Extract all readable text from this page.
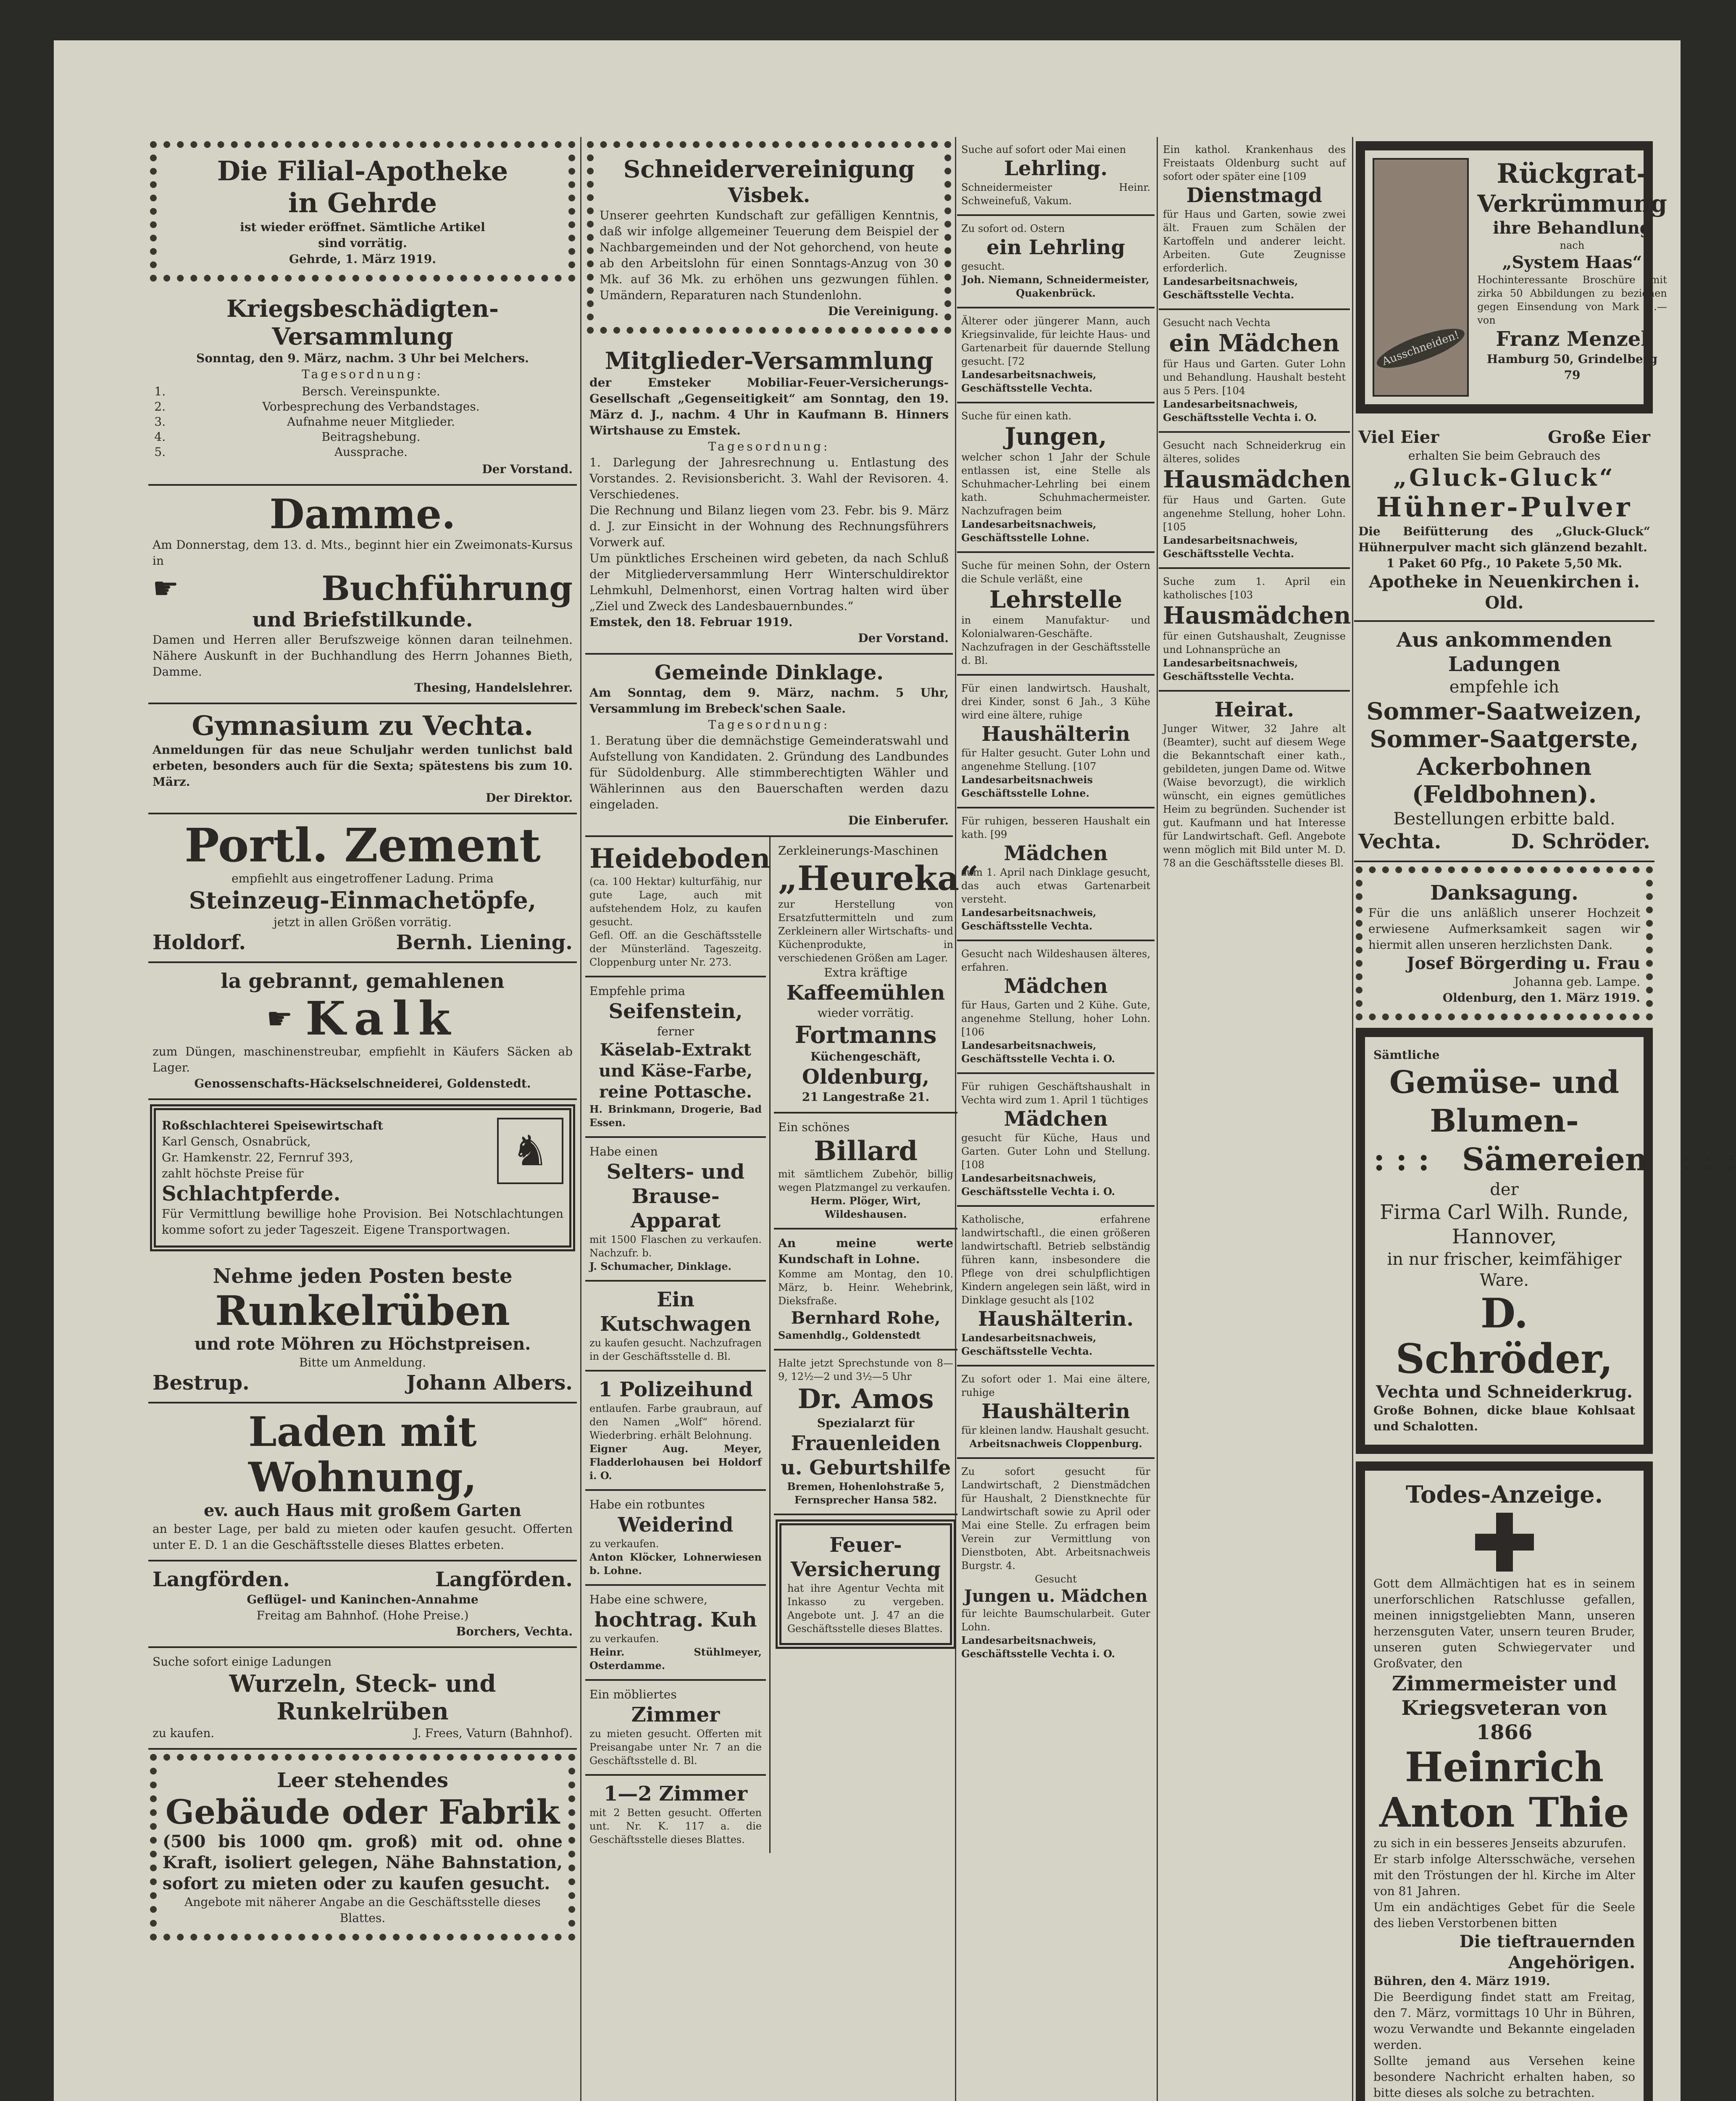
Die Filial-Apotheke
in Gehrde
ist wieder eröffnet. Sämtliche Artikel
sind vorrätig.
Gehrde, 1. März 1919.
Kriegsbeschädigten-Versammlung
Sonntag, den 9. März, nachm. 3 Uhr bei Melchers.
Tagesordnung:
1. Bersch. Vereinspunkte.
2. Vorbesprechung des Verbandstages.
3. Aufnahme neuer Mitglieder.
4. Beitragshebung.
5. Aussprache.
Der Vorstand.
Damme.
Am Donnerstag, dem 13. d. Mts., beginnt hier ein Zweimonats-Kursus in
☛	Buchführung
und Briefstilkunde.
Damen und Herren aller Berufszweige können daran teilnehmen. Nähere Auskunft in der Buchhandlung des Herrn Johannes Bieth, Damme.
Thesing, Handelslehrer.
Gymnasium zu Vechta.
Anmeldungen für das neue Schuljahr werden tunlichst bald erbeten, besonders auch für die Sexta; spätestens bis zum 10. März.
Der Direktor.
Portl. Zement
empfiehlt aus eingetroffener Ladung. Prima
Steinzeug-Einmachetöpfe,
jetzt in allen Größen vorrätig.
Holdorf.	Bernh. Liening.
la gebrannt, gemahlenen
☛ Kalk
zum Düngen, maschinenstreubar, empfiehlt in Käufers Säcken ab Lager.
Genossenschafts-Häckselschneiderei, Goldenstedt.
♞
Roßschlachterei Speisewirtschaft
Karl Gensch, Osnabrück,
Gr. Hamkenstr. 22, Fernruf 393,
zahlt höchste Preise für
Schlachtpferde.
Für Vermittlung bewillige hohe Provision. Bei Notschlachtungen komme sofort zu jeder Tageszeit. Eigene Transportwagen.
Nehme jeden Posten beste
Runkelrüben
und rote Möhren zu Höchstpreisen.
Bitte um Anmeldung.
Bestrup.	Johann Albers.
Laden mit Wohnung,
ev. auch Haus mit großem Garten
an bester Lage, per bald zu mieten oder kaufen gesucht. Offerten unter E. D. 1 an die Geschäftsstelle dieses Blattes erbeten.
Langförden.	Langförden.
Geflügel- und Kaninchen-Annahme
Freitag am Bahnhof. (Hohe Preise.)
Borchers, Vechta.
Suche sofort einige Ladungen
Wurzeln, Steck- und Runkelrüben
zu kaufen.	J. Frees, Vaturn (Bahnhof).
Leer stehendes
Gebäude oder Fabrik
(500 bis 1000 qm. groß) mit od. ohne Kraft, isoliert gelegen, Nähe Bahnstation, sofort zu mieten oder zu kaufen gesucht.
Angebote mit näherer Angabe an die Geschäftsstelle dieses Blattes.
Schneidervereinigung
Visbek.
Unserer geehrten Kundschaft zur gefälligen Kenntnis, daß wir infolge allgemeiner Teuerung dem Beispiel der Nachbargemeinden und der Not gehorchend, von heute ab den Arbeitslohn für einen Sonntags-Anzug von 30 Mk. auf 36 Mk. zu erhöhen uns gezwungen fühlen. Umändern, Reparaturen nach Stundenlohn.
Die Vereinigung.
Mitglieder-Versammlung
der Emsteker Mobiliar-Feuer-Versicherungs-Gesellschaft „Gegenseitigkeit“ am Sonntag, den 19. März d. J., nachm. 4 Uhr in Kaufmann B. Hinners Wirtshause zu Emstek.
Tagesordnung:
1. Darlegung der Jahresrechnung u. Entlastung des Vorstandes. 2. Revisionsbericht. 3. Wahl der Revisoren. 4. Verschiedenes.
Die Rechnung und Bilanz liegen vom 23. Febr. bis 9. März d. J. zur Einsicht in der Wohnung des Rechnungsführers Vorwerk auf.
Um pünktliches Erscheinen wird gebeten, da nach Schluß der Mitgliederversammlung Herr Winterschuldirektor Lehmkuhl, Delmenhorst, einen Vortrag halten wird über „Ziel und Zweck des Landesbauernbundes.“
Emstek, den 18. Februar 1919.
Der Vorstand.
Gemeinde Dinklage.
Am Sonntag, dem 9. März, nachm. 5 Uhr, Versammlung im Brebeck'schen Saale.
Tagesordnung:
1. Beratung über die demnächstige Gemeinderatswahl und Aufstellung von Kandidaten. 2. Gründung des Landbundes für Südoldenburg. Alle stimmberechtigten Wähler und Wählerinnen aus den Bauerschaften werden dazu eingeladen.
Die Einberufer.
Heideboden
(ca. 100 Hektar) kulturfähig, nur gute Lage, auch mit aufstehendem Holz, zu kaufen gesucht.
Gefl. Off. an die Geschäftsstelle der Münsterländ. Tageszeitg. Cloppenburg unter Nr. 273.
Empfehle prima
Seifenstein,
ferner
Käselab-Extrakt und Käse-Farbe, reine Pottasche.
H. Brinkmann, Drogerie, Bad Essen.
Habe einen
Selters- und Brause-Apparat
mit 1500 Flaschen zu verkaufen. Nachzufr. b.
J. Schumacher, Dinklage.
Ein Kutschwagen
zu kaufen gesucht. Nachzufragen in der Geschäftsstelle d. Bl.
1 Polizeihund
entlaufen. Farbe graubraun, auf den Namen „Wolf“ hörend. Wiederbring. erhält Belohnung.
Eigner Aug. Meyer, Fladderlohausen bei Holdorf i. O.
Habe ein rotbuntes
Weiderind
zu verkaufen.
Anton Klöcker, Lohnerwiesen b. Lohne.
Habe eine schwere,
hochtrag. Kuh
zu verkaufen.
Heinr. Stühlmeyer, Osterdamme.
Ein möbliertes
Zimmer
zu mieten gesucht. Offerten mit Preisangabe unter Nr. 7 an die Geschäftsstelle d. Bl.
1—2 Zimmer
mit 2 Betten gesucht. Offerten unt. Nr. K. 117 a. die Geschäftsstelle dieses Blattes.
Zerkleinerungs-Maschinen
„Heureka“
zur Herstellung von Ersatzfuttermitteln und zum Zerkleinern aller Wirtschafts- und Küchenprodukte, in verschiedenen Größen am Lager.
Extra kräftige
Kaffeemühlen
wieder vorrätig.
Fortmanns
Küchengeschäft,
Oldenburg,
21 Langestraße 21.
Ein schönes
Billard
mit sämtlichem Zubehör, billig wegen Platzmangel zu verkaufen.
Herm. Plöger, Wirt, Wildeshausen.
An meine werte Kundschaft in Lohne.
Komme am Montag, den 10. März, b. Heinr. Wehebrink, Dieksfraße.
Bernhard Rohe,
Samenhdlg., Goldenstedt
Halte jetzt Sprechstunde von 8—9, 12½—2 und 3½—5 Uhr
Dr. Amos
Spezialarzt für
Frauenleiden
u. Geburtshilfe
Bremen, Hohenlohstraße 5, Fernsprecher Hansa 582.
Feuer-Versicherung
hat ihre Agentur Vechta mit Inkasso zu vergeben. Angebote unt. J. 47 an die Geschäftsstelle dieses Blattes.
Suche auf sofort oder Mai einen
Lehrling.
Schneidermeister Heinr. Schweinefuß, Vakum.
Zu sofort od. Ostern
ein Lehrling
gesucht.
Joh. Niemann, Schneidermeister, Quakenbrück.
Älterer oder jüngerer Mann, auch Kriegsinvalide, für leichte Haus- und Gartenarbeit für dauernde Stellung gesucht. [72
Landesarbeitsnachweis, Geschäftsstelle Vechta.
Suche für einen kath.
Jungen,
welcher schon 1 Jahr der Schule entlassen ist, eine Stelle als Schuhmacher-Lehrling bei einem kath. Schuhmachermeister. Nachzufragen beim
Landesarbeitsnachweis, Geschäftsstelle Lohne.
Suche für meinen Sohn, der Ostern die Schule verläßt, eine
Lehrstelle
in einem Manufaktur- und Kolonialwaren-Geschäfte. Nachzufragen in der Geschäftsstelle d. Bl.
Für einen landwirtsch. Haushalt, drei Kinder, sonst 6 Jah., 3 Kühe wird eine ältere, ruhige
Haushälterin
für Halter gesucht. Guter Lohn und angenehme Stellung. [107
Landesarbeitsnachweis Geschäftsstelle Lohne.
Für ruhigen, besseren Haushalt ein kath. [99
Mädchen
zum 1. April nach Dinklage gesucht, das auch etwas Gartenarbeit versteht.
Landesarbeitsnachweis, Geschäftsstelle Vechta.
Gesucht nach Wildeshausen älteres, erfahren.
Mädchen
für Haus, Garten und 2 Kühe. Gute, angenehme Stellung, hoher Lohn. [106
Landesarbeitsnachweis, Geschäftsstelle Vechta i. O.
Für ruhigen Geschäftshaushalt in Vechta wird zum 1. April 1 tüchtiges
Mädchen
gesucht für Küche, Haus und Garten. Guter Lohn und Stellung. [108
Landesarbeitsnachweis, Geschäftsstelle Vechta i. O.
Katholische, erfahrene landwirtschaftl., die einen größeren landwirtschaftl. Betrieb selbständig führen kann, insbesondere die Pflege von drei schulpflichtigen Kindern angelegen sein läßt, wird in Dinklage gesucht als [102
Haushälterin.
Landesarbeitsnachweis, Geschäftsstelle Vechta.
Zu sofort oder 1. Mai eine ältere, ruhige
Haushälterin
für kleinen landw. Haushalt gesucht.
Arbeitsnachweis Cloppenburg.
Zu sofort gesucht für Landwirtschaft, 2 Dienstmädchen für Haushalt, 2 Dienstknechte für Landwirtschaft sowie zu April oder Mai eine Stelle. Zu erfragen beim Verein zur Vermittlung von Dienstboten, Abt. Arbeitsnachweis Burgstr. 4.
Gesucht
Jungen u. Mädchen
für leichte Baumschularbeit. Guter Lohn.
Landesarbeitsnachweis, Geschäftsstelle Vechta i. O.
Ein kathol. Krankenhaus des Freistaats Oldenburg sucht auf sofort oder später eine [109
Dienstmagd
für Haus und Garten, sowie zwei ält. Frauen zum Schälen der Kartoffeln und anderer leicht. Arbeiten. Gute Zeugnisse erforderlich.
Landesarbeitsnachweis, Geschäftsstelle Vechta.
Gesucht nach Vechta
ein Mädchen
für Haus und Garten. Guter Lohn und Behandlung. Haushalt besteht aus 5 Pers. [104
Landesarbeitsnachweis, Geschäftsstelle Vechta i. O.
Gesucht nach Schneiderkrug ein älteres, solides
Hausmädchen
für Haus und Garten. Gute angenehme Stellung, hoher Lohn. [105
Landesarbeitsnachweis, Geschäftsstelle Vechta.
Suche zum 1. April ein katholisches [103
Hausmädchen
für einen Gutshaushalt, Zeugnisse und Lohnansprüche an
Landesarbeitsnachweis, Geschäftsstelle Vechta.
Heirat.
Junger Witwer, 32 Jahre alt (Beamter), sucht auf diesem Wege die Bekanntschaft einer kath., gebildeten, jungen Dame od. Witwe (Waise bevorzugt), die wirklich wünscht, ein eignes gemütliches Heim zu begründen. Suchender ist gut. Kaufmann und hat Interesse für Landwirtschaft. Gefl. Angebote wenn möglich mit Bild unter M. D. 78 an die Geschäftsstelle dieses Bl.
Ausschneiden!
Rückgrat-
Verkrümmung
ihre Behandlung
nach
„System Haas“
Hochinteressante Broschüre mit zirka 50 Abbildungen zu beziehen gegen Einsendung von Mark 1.— von
Franz Menzel
Hamburg 50, Grindelberg 79
Viel Eier	Große Eier
erhalten Sie beim Gebrauch des
„Gluck-Gluck“
Hühner-Pulver
Die Beifütterung des „Gluck-Gluck“ Hühnerpulver macht sich glänzend bezahlt.
1 Paket 60 Pfg., 10 Pakete 5,50 Mk.
Apotheke in Neuenkirchen i. Old.
Aus ankommenden Ladungen
empfehle ich
Sommer-Saatweizen,
Sommer-Saatgerste,
Ackerbohnen (Feldbohnen).
Bestellungen erbitte bald.
Vechta.	D. Schröder.
Danksagung.
Für die uns anläßlich unserer Hochzeit erwiesene Aufmerksamkeit sagen wir hiermit allen unseren herzlichsten Dank.
Josef Börgerding u. Frau
Johanna geb. Lampe.
Oldenburg, den 1. März 1919.
Sämtliche
Gemüse- und Blumen-
: : :   Sämereien   : : :
der
Firma Carl Wilh. Runde, Hannover,
in nur frischer, keimfähiger Ware.
D. Schröder,
Vechta und Schneiderkrug.
Große Bohnen, dicke blaue Kohlsaat und Schalotten.
Todes-Anzeige.
Gott dem Allmächtigen hat es in seinem unerforschlichen Ratschlusse gefallen, meinen innigstgeliebten Mann, unseren herzensguten Vater, unsern teuren Bruder, unseren guten Schwiegervater und Großvater, den
Zimmermeister und Kriegsveteran von 1866
Heinrich Anton Thie
zu sich in ein besseres Jenseits abzurufen.
Er starb infolge Altersschwäche, versehen mit den Tröstungen der hl. Kirche im Alter von 81 Jahren.
Um ein andächtiges Gebet für die Seele des lieben Verstorbenen bitten
Die tieftrauernden Angehörigen.
Bühren, den 4. März 1919.
Die Beerdigung findet statt am Freitag, den 7. März, vormittags 10 Uhr in Bühren, wozu Verwandte und Bekannte eingeladen werden.
Sollte jemand aus Versehen keine besondere Nachricht erhalten haben, so bitte dieses als solche zu betrachten.
